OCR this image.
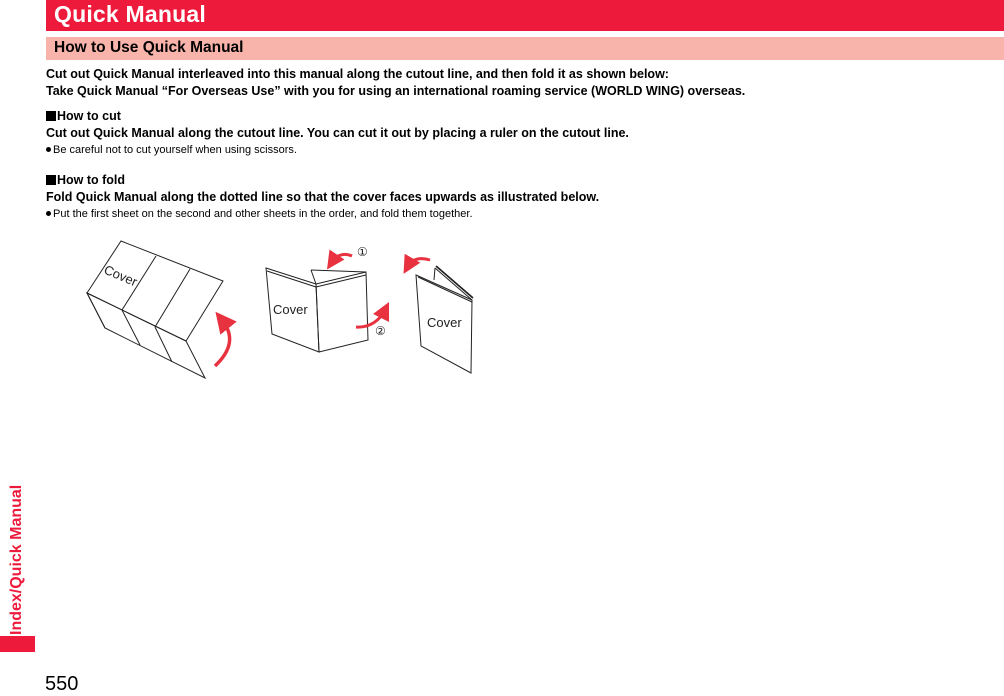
Quick Manual
How to Use Quick Manual
Cut out Quick Manual interleaved into this manual along the cutout line, and then fold it as shown below:
Take Quick Manual “For Overseas Use” with you for using an international roaming service (WORLD WING) overseas.
How to cut
Cut out Quick Manual along the cutout line. You can cut it out by placing a ruler on the cutout line.
Be careful not to cut yourself when using scissors.
How to fold
Fold Quick Manual along the dotted line so that the cover faces upwards as illustrated below.
Put the first sheet on the second and other sheets in the order, and fold them together.
Cover
Cover
①
②
Cover
Index/Quick Manual
550
